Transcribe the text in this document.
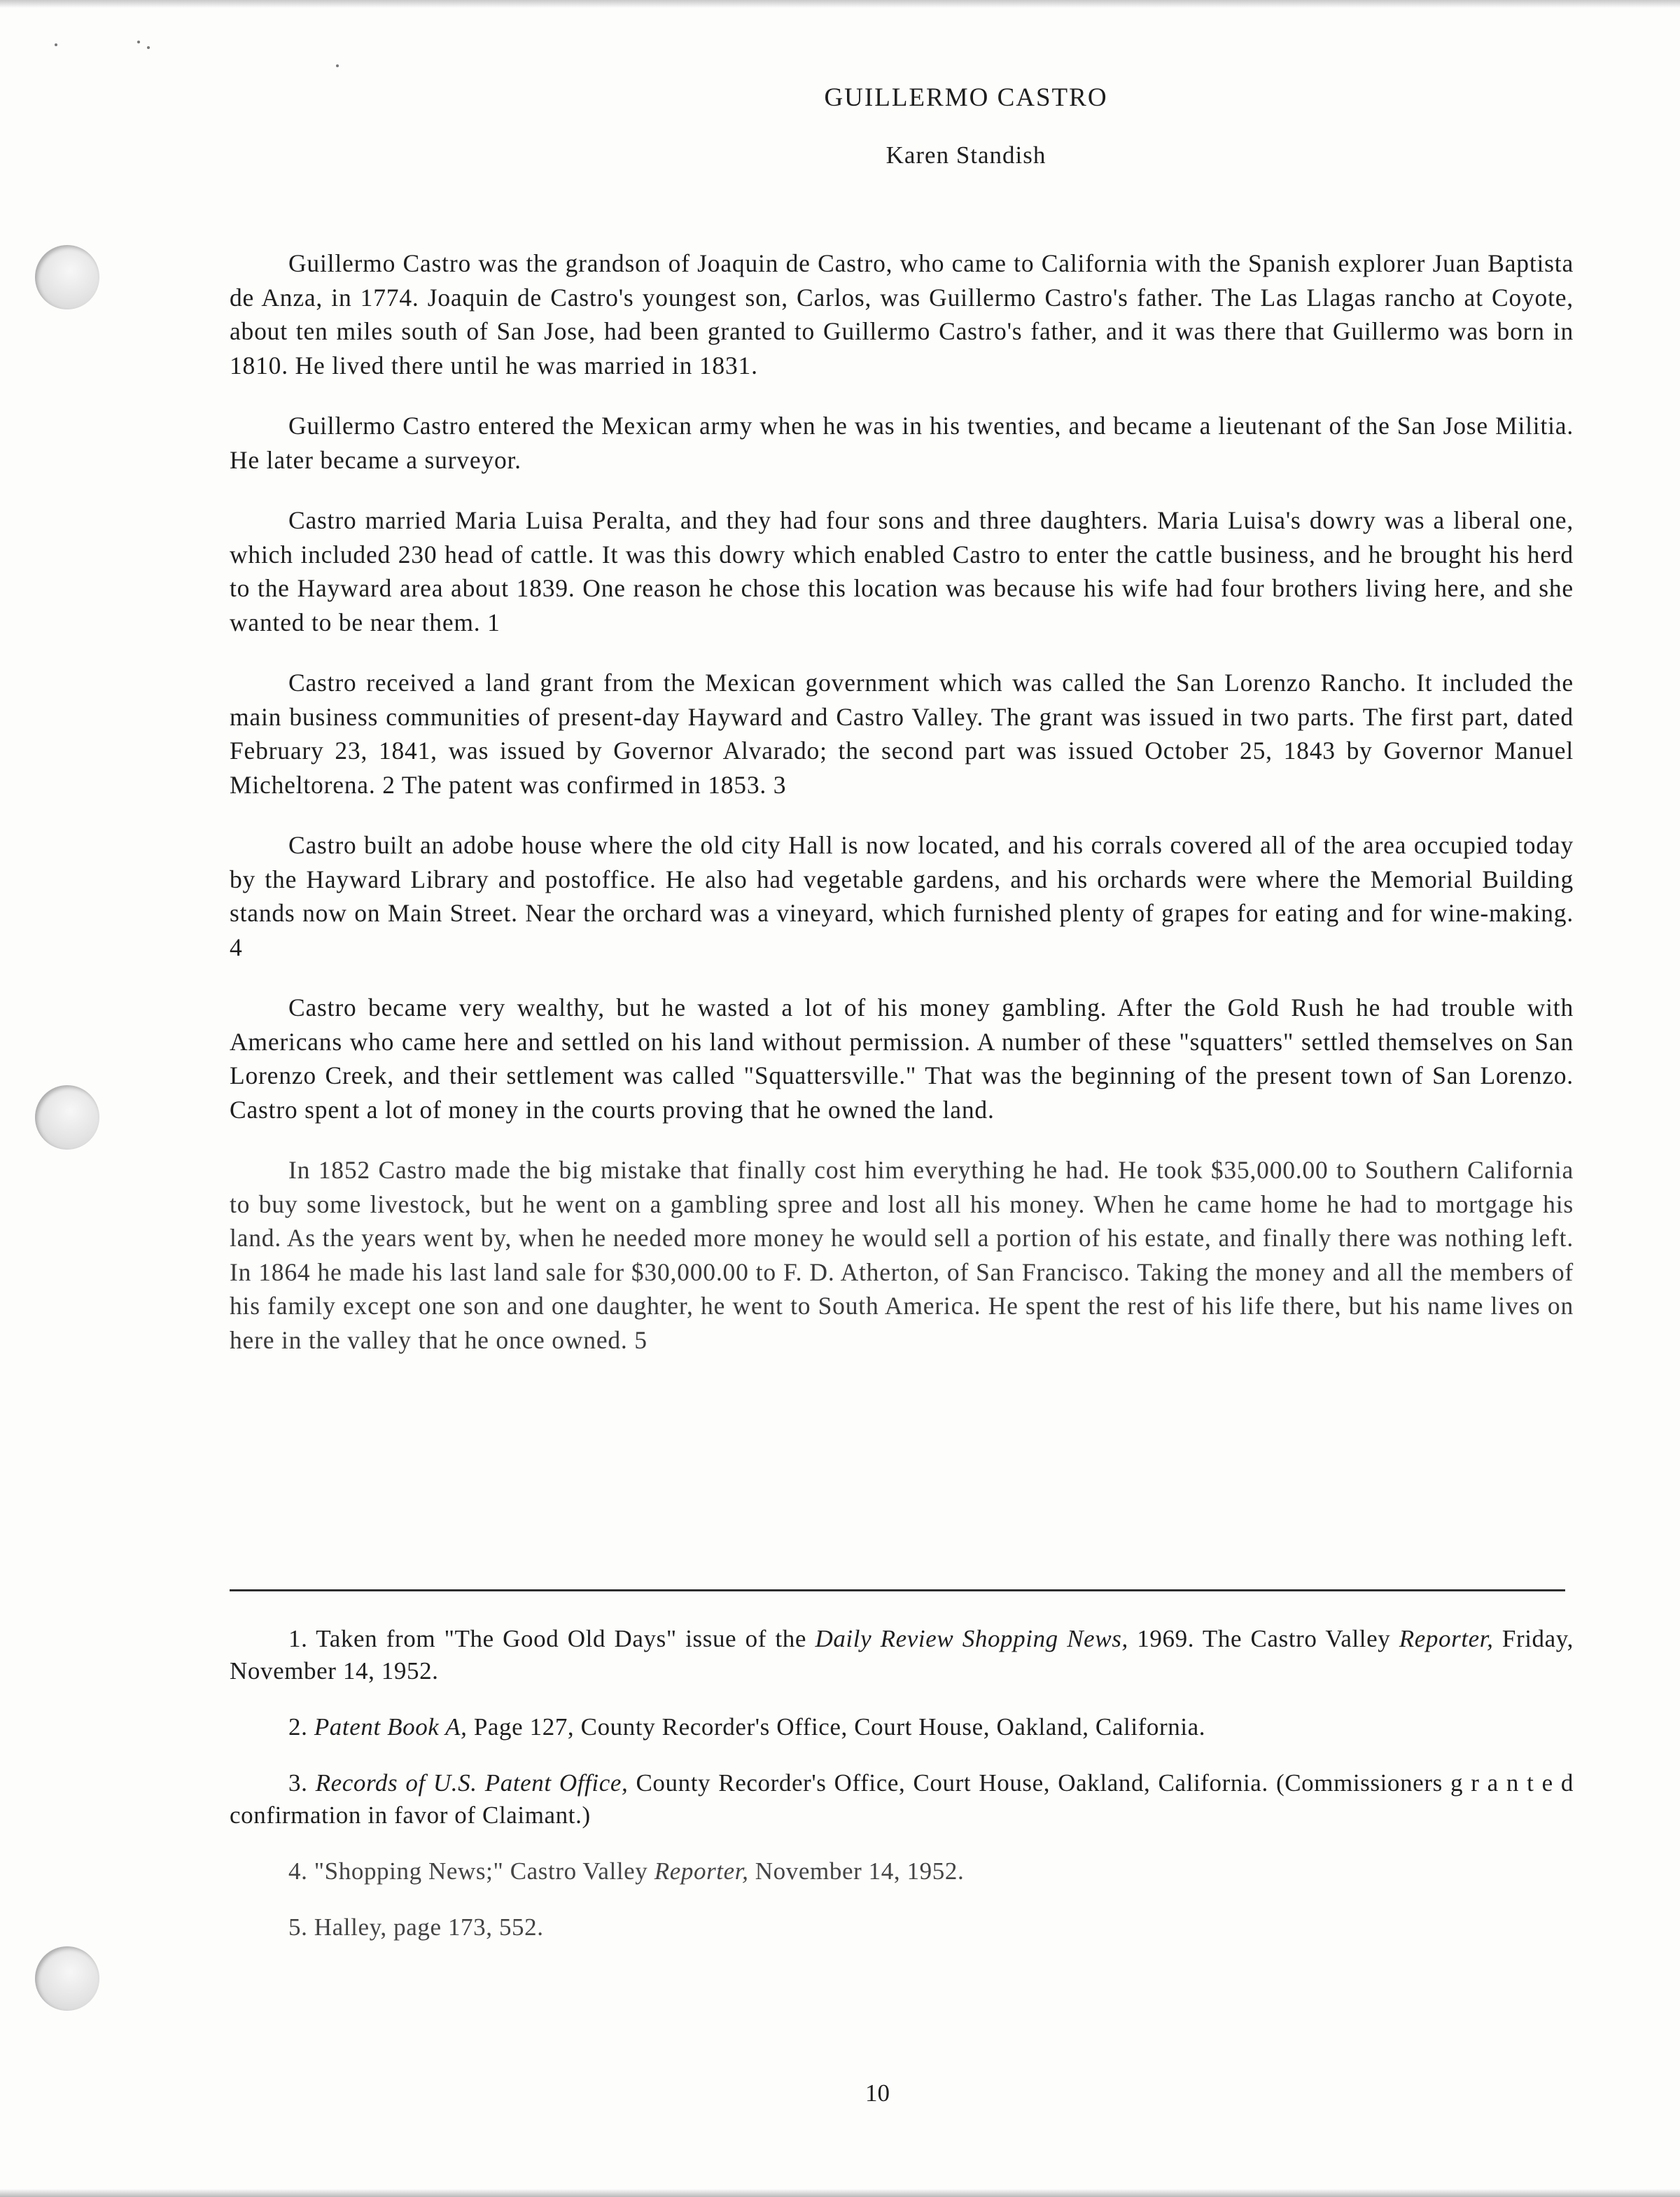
GUILLERMO CASTRO

Karen Standish

Guillermo Castro was the grandson of Joaquin de Castro, who came to California with the Spanish explorer Juan Baptista de Anza, in 1774. Joaquin de Castro's youngest son, Carlos, was Guillermo Castro's father. The Las Llagas rancho at Coyote, about ten miles south of San Jose, had been granted to Guillermo Castro's father, and it was there that Guillermo was born in 1810. He lived there until he was married in 1831.

Guillermo Castro entered the Mexican army when he was in his twenties, and became a lieutenant of the San Jose Militia. He later became a surveyor.

Castro married Maria Luisa Peralta, and they had four sons and three daughters. Maria Luisa's dowry was a liberal one, which included 230 head of cattle. It was this dowry which enabled Castro to enter the cattle business, and he brought his herd to the Hayward area about 1839. One reason he chose this location was because his wife had four brothers living here, and she wanted to be near them. 1

Castro received a land grant from the Mexican government which was called the San Lorenzo Rancho. It included the main business communities of present-day Hayward and Castro Valley. The grant was issued in two parts. The first part, dated February 23, 1841, was issued by Governor Alvarado; the second part was issued October 25, 1843 by Governor Manuel Micheltorena. 2 The patent was confirmed in 1853. 3

Castro built an adobe house where the old city Hall is now located, and his corrals covered all of the area occupied today by the Hayward Library and postoffice. He also had vegetable gardens, and his orchards were where the Memorial Building stands now on Main Street. Near the orchard was a vineyard, which furnished plenty of grapes for eating and for wine-making. 4

Castro became very wealthy, but he wasted a lot of his money gambling. After the Gold Rush he had trouble with Americans who came here and settled on his land without permission. A number of these "squatters" settled themselves on San Lorenzo Creek, and their settlement was called "Squattersville." That was the beginning of the present town of San Lorenzo. Castro spent a lot of money in the courts proving that he owned the land.

In 1852 Castro made the big mistake that finally cost him everything he had. He took $35,000.00 to Southern California to buy some livestock, but he went on a gambling spree and lost all his money. When he came home he had to mortgage his land. As the years went by, when he needed more money he would sell a portion of his estate, and finally there was nothing left. In 1864 he made his last land sale for $30,000.00 to F. D. Atherton, of San Francisco. Taking the money and all the members of his family except one son and one daughter, he went to South America. He spent the rest of his life there, but his name lives on here in the valley that he once owned. 5

1. Taken from "The Good Old Days" issue of the Daily Review Shopping News, 1969. The Castro Valley Reporter, Friday, November 14, 1952.

2. Patent Book A, Page 127, County Recorder's Office, Court House, Oakland, California.

3. Records of U.S. Patent Office, County Recorder's Office, Court House, Oakland, California. (Commissioners g r a n t e d confirmation in favor of Claimant.)

4. "Shopping News;" Castro Valley Reporter, November 14, 1952.

5. Halley, page 173, 552.

10
